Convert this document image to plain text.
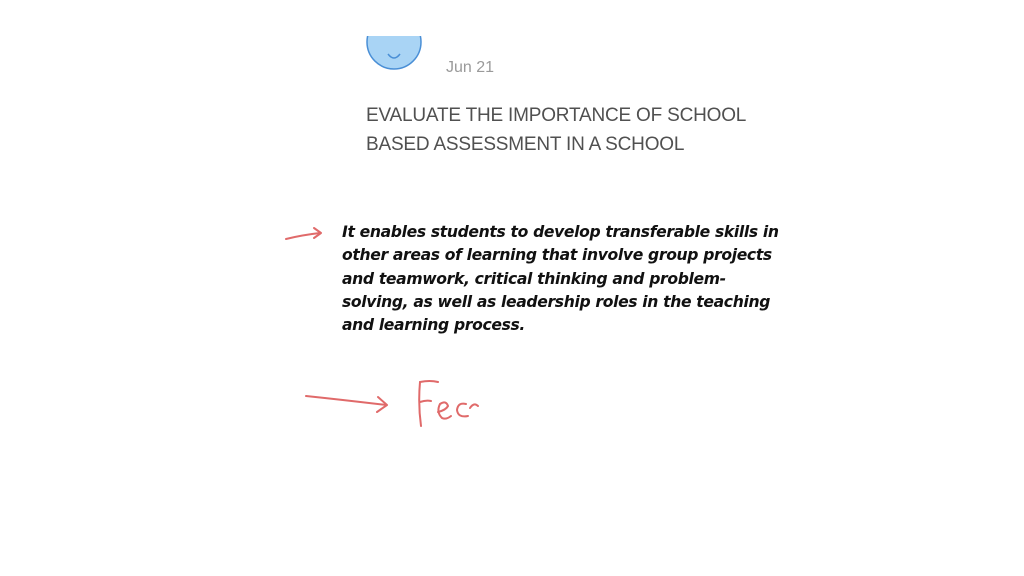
Jun 21
EVALUATE THE IMPORTANCE OF SCHOOL
BASED ASSESSMENT IN A SCHOOL
It enables students to develop transferable skills in
other areas of learning that involve group projects
and teamwork, critical thinking and problem-
solving, as well as leadership roles in the teaching
and learning process.
